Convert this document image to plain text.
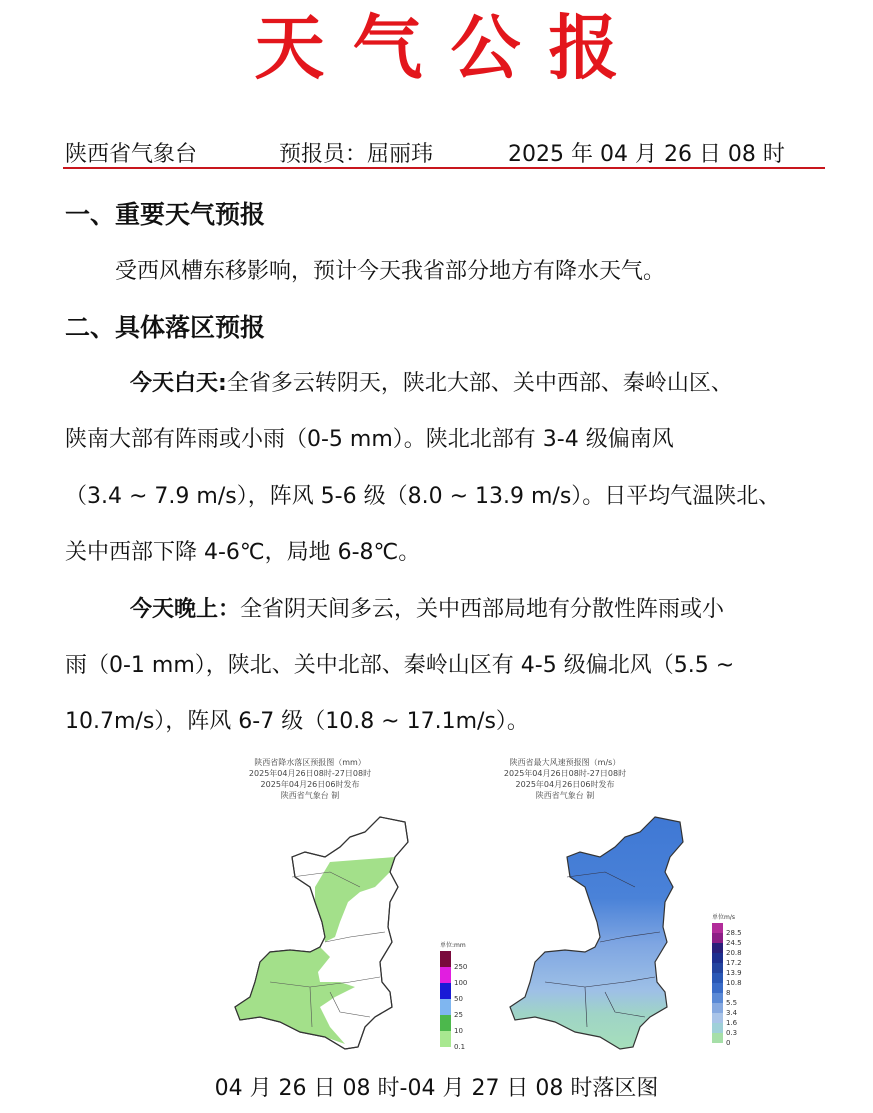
天气公报
陕西省气象台	预报员：屈丽玮	2025 年 04 月 26 日 08 时
一、重要天气预报
受西风槽东移影响，预计今天我省部分地方有降水天气。
二、具体落区预报
今天白天:全省多云转阴天，陕北大部、关中西部、秦岭山区、
陕南大部有阵雨或小雨（0-5 mm）。陕北北部有 3-4 级偏南风
（3.4 ~ 7.9 m/s），阵风 5-6 级（8.0 ~ 13.9 m/s）。日平均气温陕北、
关中西部下降 4-6℃，局地 6-8℃。
今天晚上：全省阴天间多云，关中西部局地有分散性阵雨或小
雨（0-1 mm），陕北、关中北部、秦岭山区有 4-5 级偏北风（5.5 ~
10.7m/s），阵风 6-7 级（10.8 ~ 17.1m/s）。
陕西省降水落区预报图（mm）
2025年04月26日08时-27日08时
2025年04月26日06时发布
陕西省气象台 制
单位:mm
250
100
50
25
10
0.1
陕西省最大风速预报图（m/s）
2025年04月26日08时-27日08时
2025年04月26日06时发布
陕西省气象台 制
单位m/s
28.5
24.5
20.8
17.2
13.9
10.8
8
5.5
3.4
1.6
0.3
0
04 月 26 日 08 时-04 月 27 日 08 时落区图
